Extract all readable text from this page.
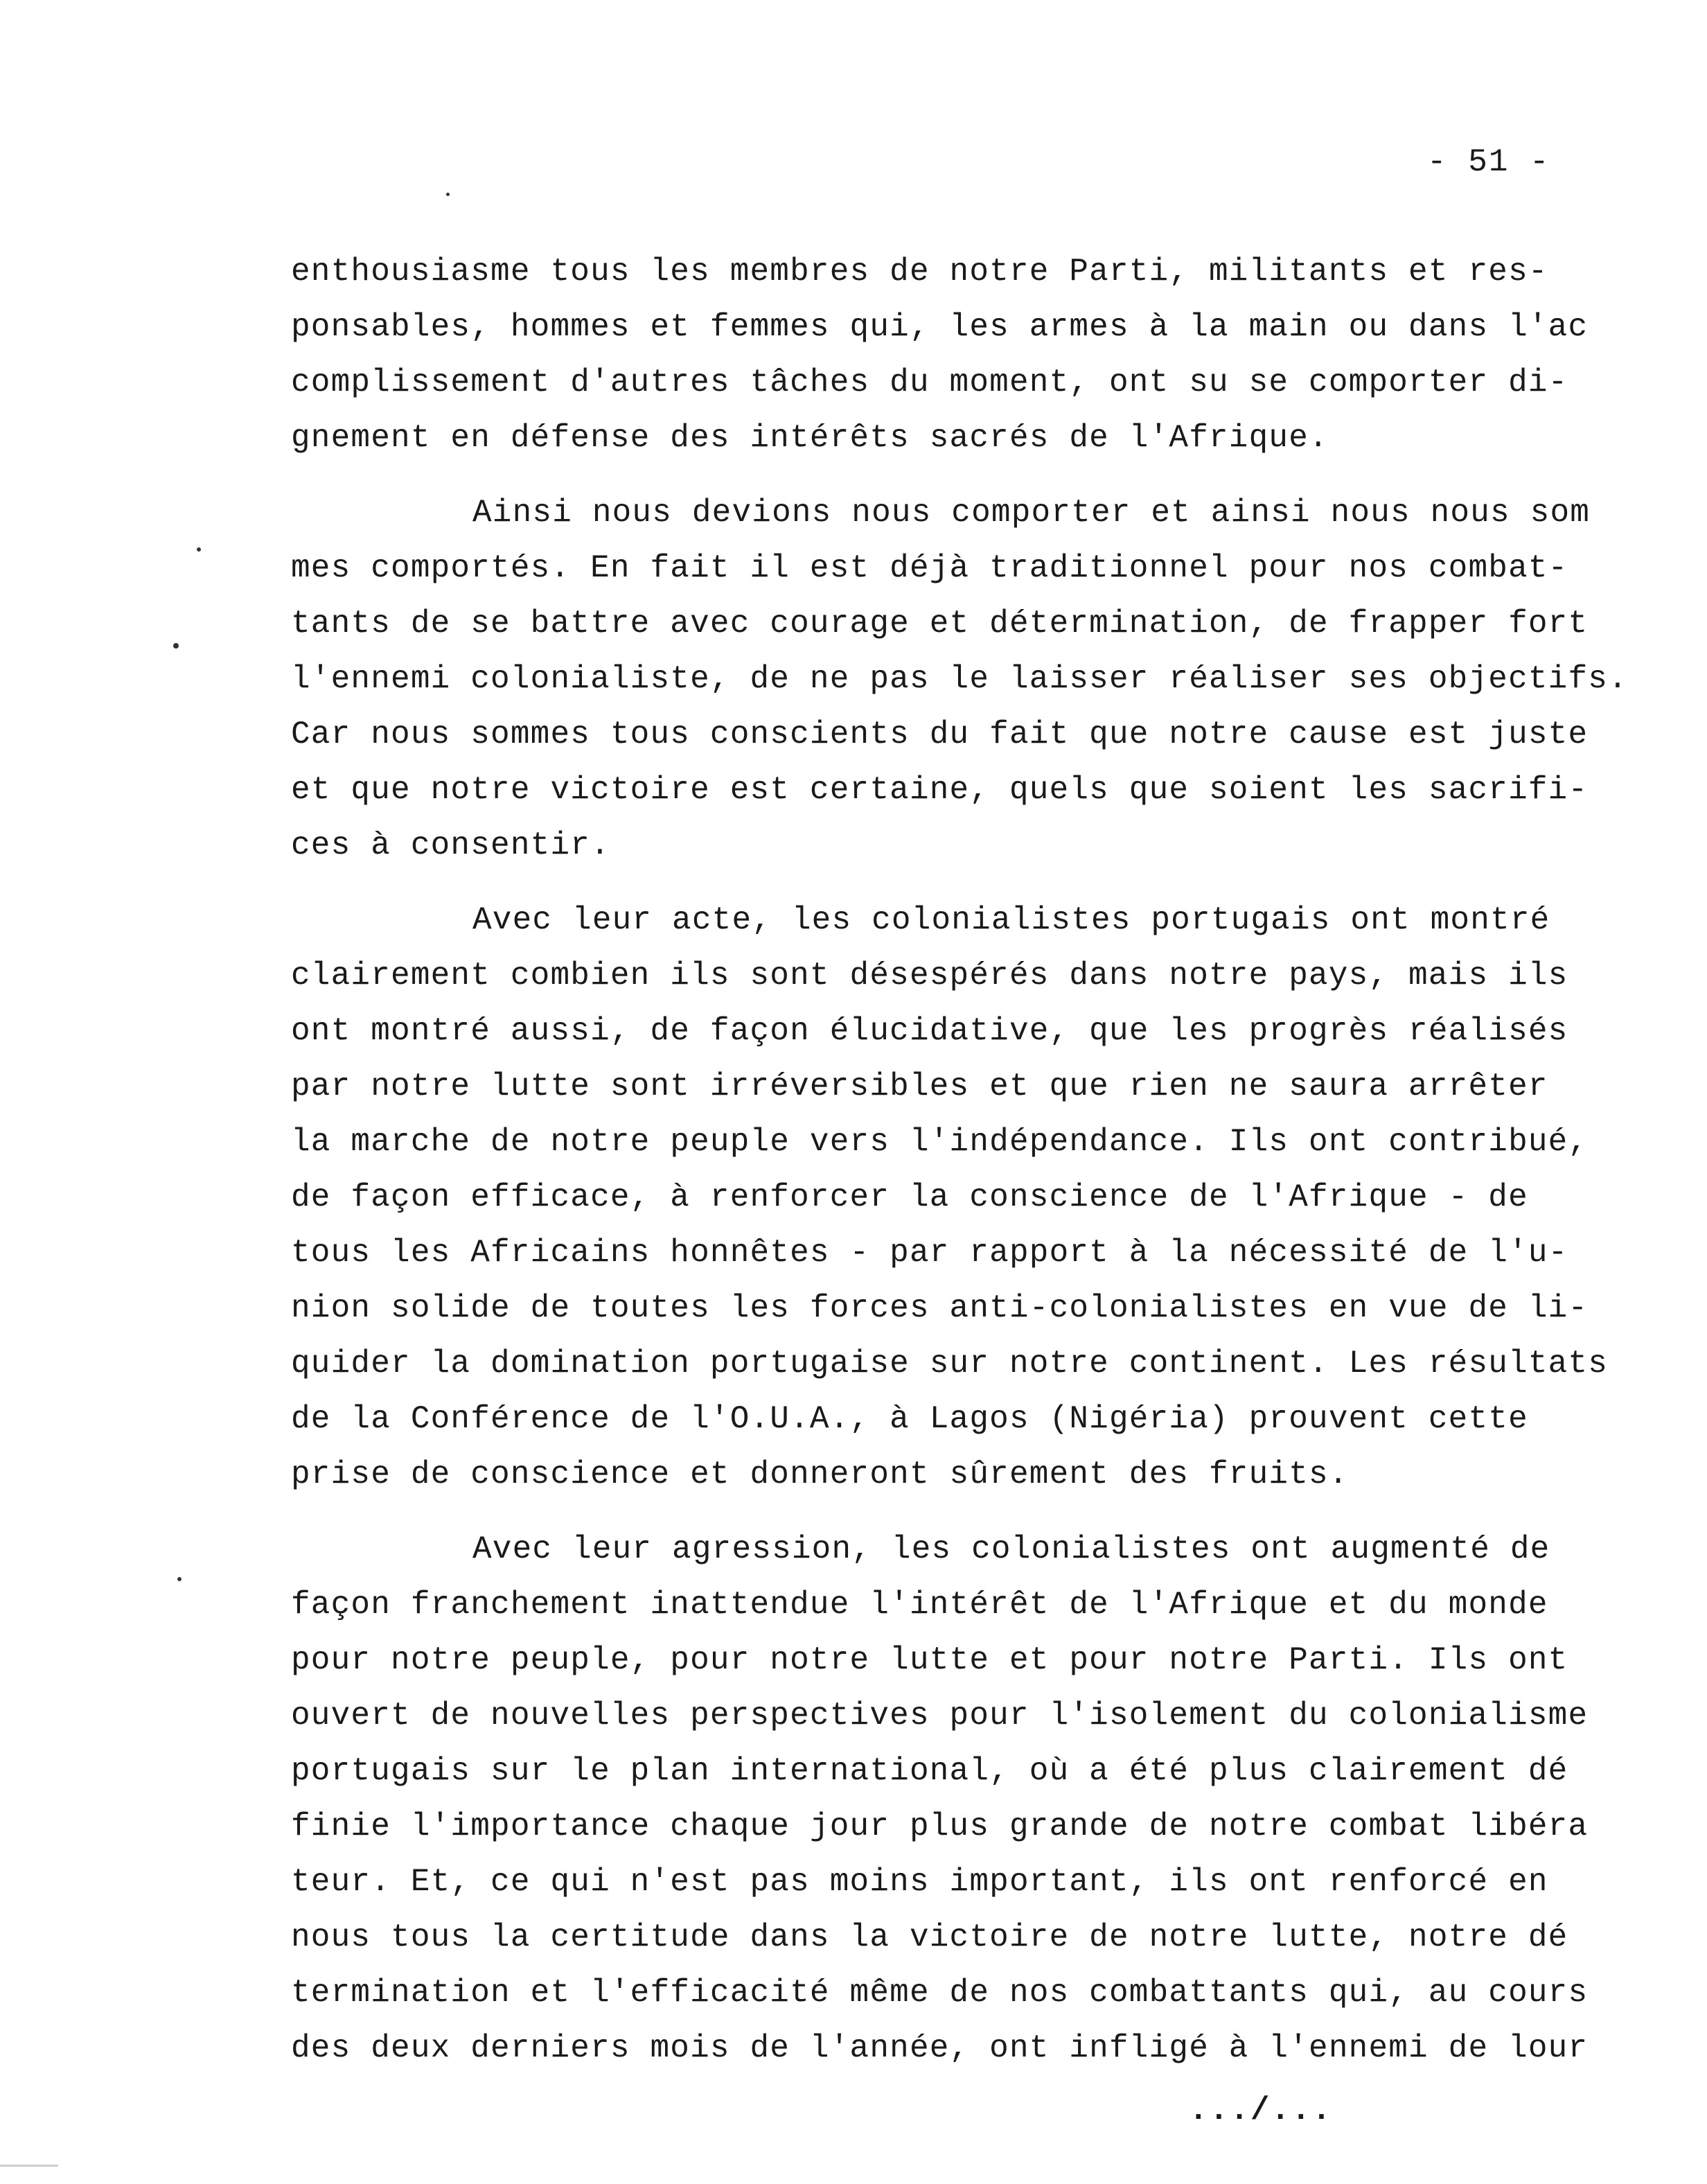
- 51 -
enthousiasme tous les membres de notre Parti, militants et res-
ponsables, hommes et femmes qui, les armes à la main ou dans l'ac
complissement d'autres tâches du moment, ont su se comporter di-
gnement en défense des intérêts sacrés de l'Afrique.
Ainsi nous devions nous comporter et ainsi nous nous som
mes comportés. En fait il est déjà traditionnel pour nos combat-
tants de se battre avec courage et détermination, de frapper fort
l'ennemi colonialiste, de ne pas le laisser réaliser ses objectifs.
Car nous sommes tous conscients du fait que notre cause est juste
et que notre victoire est certaine, quels que soient les sacrifi-
ces à consentir.
Avec leur acte, les colonialistes portugais ont montré
clairement combien ils sont désespérés dans notre pays, mais ils
ont montré aussi, de façon élucidative, que les progrès réalisés
par notre lutte sont irréversibles et que rien ne saura arrêter
la marche de notre peuple vers l'indépendance. Ils ont contribué,
de façon efficace, à renforcer la conscience de l'Afrique - de
tous les Africains honnêtes - par rapport à la nécessité de l'u-
nion solide de toutes les forces anti-colonialistes en vue de li-
quider la domination portugaise sur notre continent. Les résultats
de la Conférence de l'O.U.A., à Lagos (Nigéria) prouvent cette
prise de conscience et donneront sûrement des fruits.
Avec leur agression, les colonialistes ont augmenté de
façon franchement inattendue l'intérêt de l'Afrique et du monde
pour notre peuple, pour notre lutte et pour notre Parti. Ils ont
ouvert de nouvelles perspectives pour l'isolement du colonialisme
portugais sur le plan international, où a été plus clairement dé
finie l'importance chaque jour plus grande de notre combat libéra
teur. Et, ce qui n'est pas moins important, ils ont renforcé en
nous tous la certitude dans la victoire de notre lutte, notre dé
termination et l'efficacité même de nos combattants qui, au cours
des deux derniers mois de l'année, ont infligé à l'ennemi de lour
.../...
